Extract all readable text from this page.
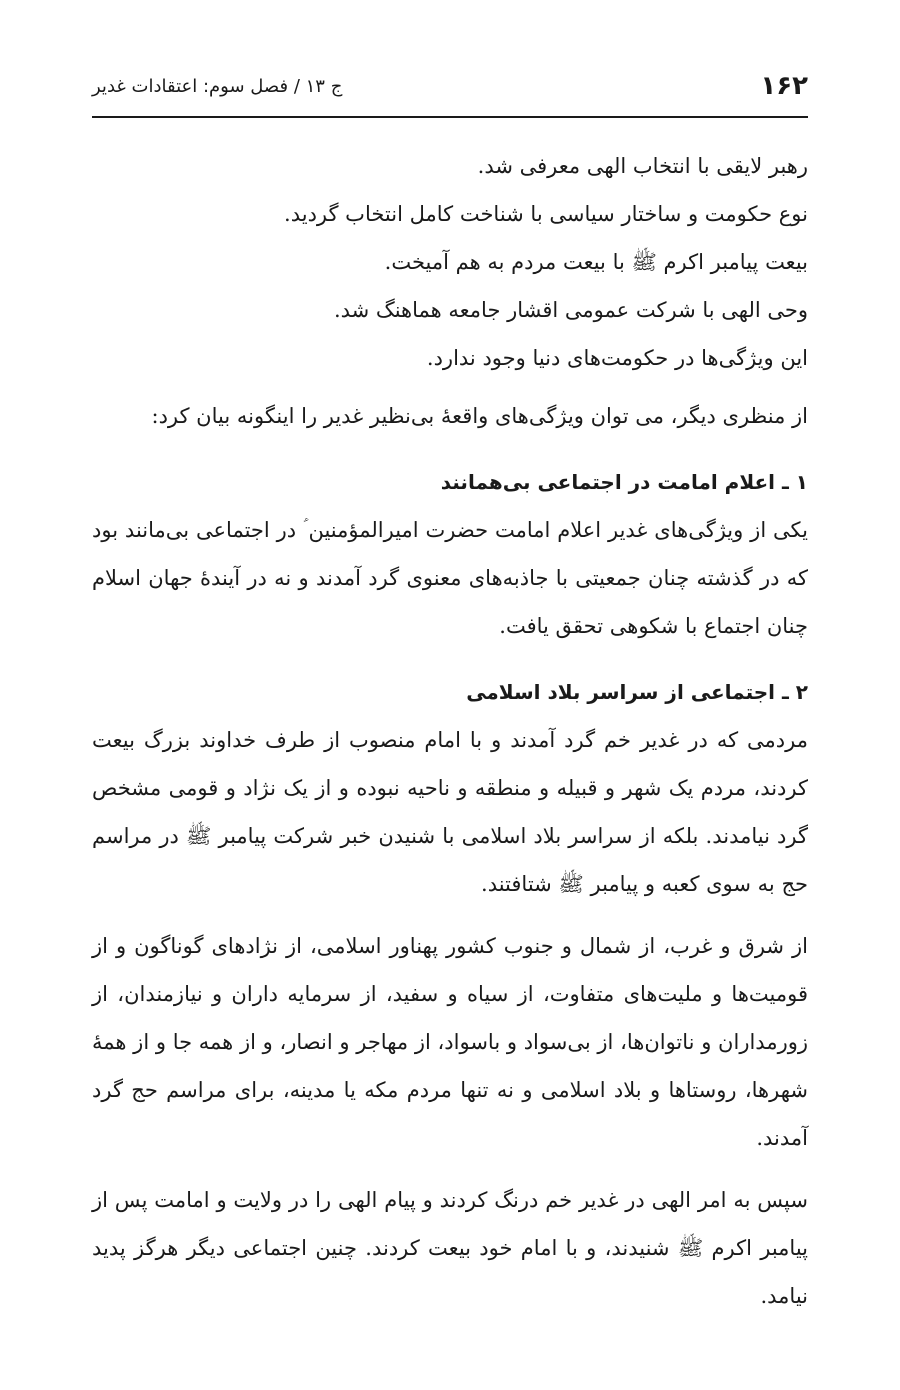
۱۶۲
ج ۱۳ / فصل سوم: اعتقادات غدیر
رهبر لایقی با انتخاب الهی معرفی شد.
نوع حکومت و ساختار سیاسی با شناخت کامل انتخاب گردید.
بیعت پیامبر اکرم ﷺ با بیعت مردم به هم آمیخت.
وحی الهی با شرکت عمومی اقشار جامعه هماهنگ شد.
این ویژگی‌ها در حکومت‌های دنیا وجود ندارد.

از منظری دیگر، می توان ویژگی‌های واقعهٔ بی‌نظیر غدیر را اینگونه بیان کرد:

۱ ـ اعلام امامت در اجتماعی بی‌همانند

یکی از ویژگی‌های غدیر اعلام امامت حضرت امیرالمؤمنین ؑ در اجتماعی بی‌مانند بود که در گذشته چنان جمعیتی با جاذبه‌های معنوی گرد آمدند و نه در آیندهٔ جهان اسلام چنان اجتماع با شکوهی تحقق یافت.

۲ ـ اجتماعی از سراسر بلاد اسلامی

مردمی که در غدیر خم گرد آمدند و با امام منصوب از طرف خداوند بزرگ بیعت کردند، مردم یک شهر و قبیله و منطقه و ناحیه نبوده و از یک نژاد و قومی مشخص گرد نیامدند. بلکه از سراسر بلاد اسلامی با شنیدن خبر شرکت پیامبر ﷺ در مراسم حج به سوی کعبه و پیامبر ﷺ شتافتند.

از شرق و غرب، از شمال و جنوب کشور پهناور اسلامی، از نژادهای گوناگون و از قومیت‌ها و ملیت‌های متفاوت، از سیاه و سفید، از سرمایه داران و نیازمندان، از زورمداران و ناتوان‌ها، از بی‌سواد و باسواد، از مهاجر و انصار، و از همه جا و از همهٔ شهرها، روستاها و بلاد اسلامی و نه تنها مردم مکه یا مدینه، برای مراسم حج گرد آمدند.

سپس به امر الهی در غدیر خم درنگ کردند و پیام الهی را در ولایت و امامت پس از پیامبر اکرم ﷺ شنیدند، و با امام خود بیعت کردند. چنین اجتماعی دیگر هرگز پدید نیامد.
